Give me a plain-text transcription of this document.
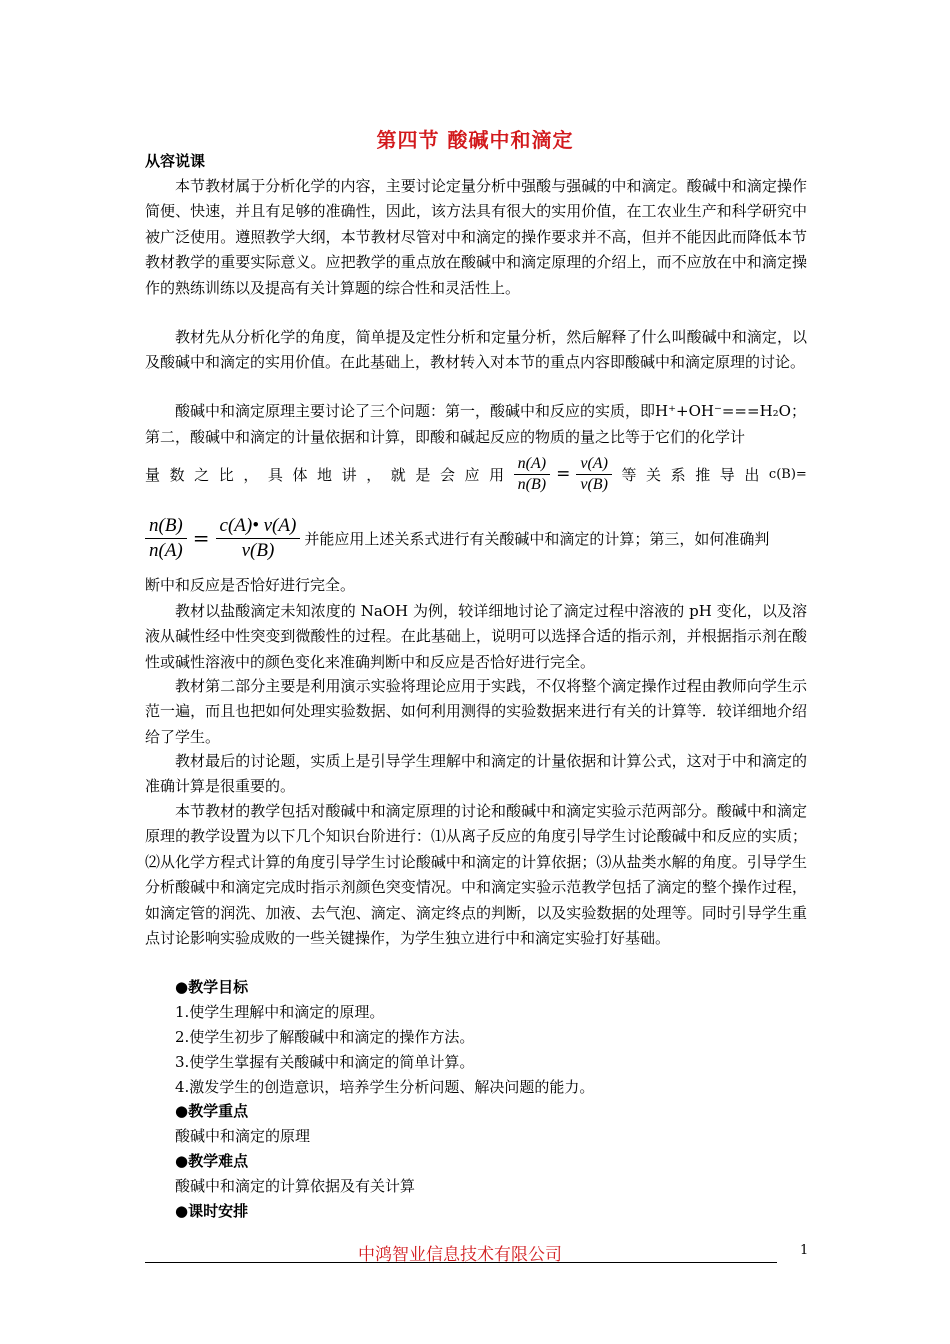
第四节 酸碱中和滴定
从容说课

本节教材属于分析化学的内容，主要讨论定量分析中强酸与强碱的中和滴定。酸碱中和滴定操作简便、快速，并且有足够的准确性，因此，该方法具有很大的实用价值，在工农业生产和科学研究中被广泛使用。遵照教学大纲，本节教材尽管对中和滴定的操作要求并不高，但并不能因此而降低本节教材教学的重要实际意义。应把教学的重点放在酸碱中和滴定原理的介绍上，而不应放在中和滴定操作的熟练训练以及提高有关计算题的综合性和灵活性上。

教材先从分析化学的角度，简单提及定性分析和定量分析，然后解释了什么叫酸碱中和滴定，以及酸碱中和滴定的实用价值。在此基础上，教材转入对本节的重点内容即酸碱中和滴定原理的讨论。

酸碱中和滴定原理主要讨论了三个问题：第一，酸碱中和反应的实质，即H⁺+OH⁻===H₂O；
第二，酸碱中和滴定的计量依据和计算，即酸和碱起反应的物质的量之比等于它们的化学计
量 数 之 比 ， 具 体 地 讲 ， 就 是 会 应 用 $\frac{n(A)}{n(B)} = \frac{v(A)}{v(B)}$ 等 关 系 推 导 出 c(B)=
$\frac{n(B)}{n(A)} = \frac{c(A)• v(A)}{v(B)}$ 并能应用上述关系式进行有关酸碱中和滴定的计算；第三，如何准确判
断中和反应是否恰好进行完全。

教材以盐酸滴定未知浓度的 NaOH 为例，较详细地讨论了滴定过程中溶液的 pH 变化，以及溶液从碱性经中性突变到微酸性的过程。在此基础上，说明可以选择合适的指示剂，并根据指示剂在酸性或碱性溶液中的颜色变化来准确判断中和反应是否恰好进行完全。

教材第二部分主要是利用演示实验将理论应用于实践，不仅将整个滴定操作过程由教师向学生示范一遍，而且也把如何处理实验数据、如何利用测得的实验数据来进行有关的计算等．较详细地介绍给了学生。

教材最后的讨论题，实质上是引导学生理解中和滴定的计量依据和计算公式，这对于中和滴定的准确计算是很重要的。

本节教材的教学包括对酸碱中和滴定原理的讨论和酸碱中和滴定实验示范两部分。酸碱中和滴定原理的教学设置为以下几个知识台阶进行：⑴从离子反应的角度引导学生讨论酸碱中和反应的实质；⑵从化学方程式计算的角度引导学生讨论酸碱中和滴定的计算依据；⑶从盐类水解的角度。引导学生分析酸碱中和滴定完成时指示剂颜色突变情况。中和滴定实验示范教学包括了滴定的整个操作过程，如滴定管的润洗、加液、去气泡、滴定、滴定终点的判断，以及实验数据的处理等。同时引导学生重点讨论影响实验成败的一些关键操作，为学生独立进行中和滴定实验打好基础。

●教学目标
1.使学生理解中和滴定的原理。
2.使学生初步了解酸碱中和滴定的操作方法。
3.使学生掌握有关酸碱中和滴定的简单计算。
4.激发学生的创造意识，培养学生分析问题、解决问题的能力。
●教学重点
酸碱中和滴定的原理
●教学难点
酸碱中和滴定的计算依据及有关计算
●课时安排
中鸿智业信息技术有限公司	1
